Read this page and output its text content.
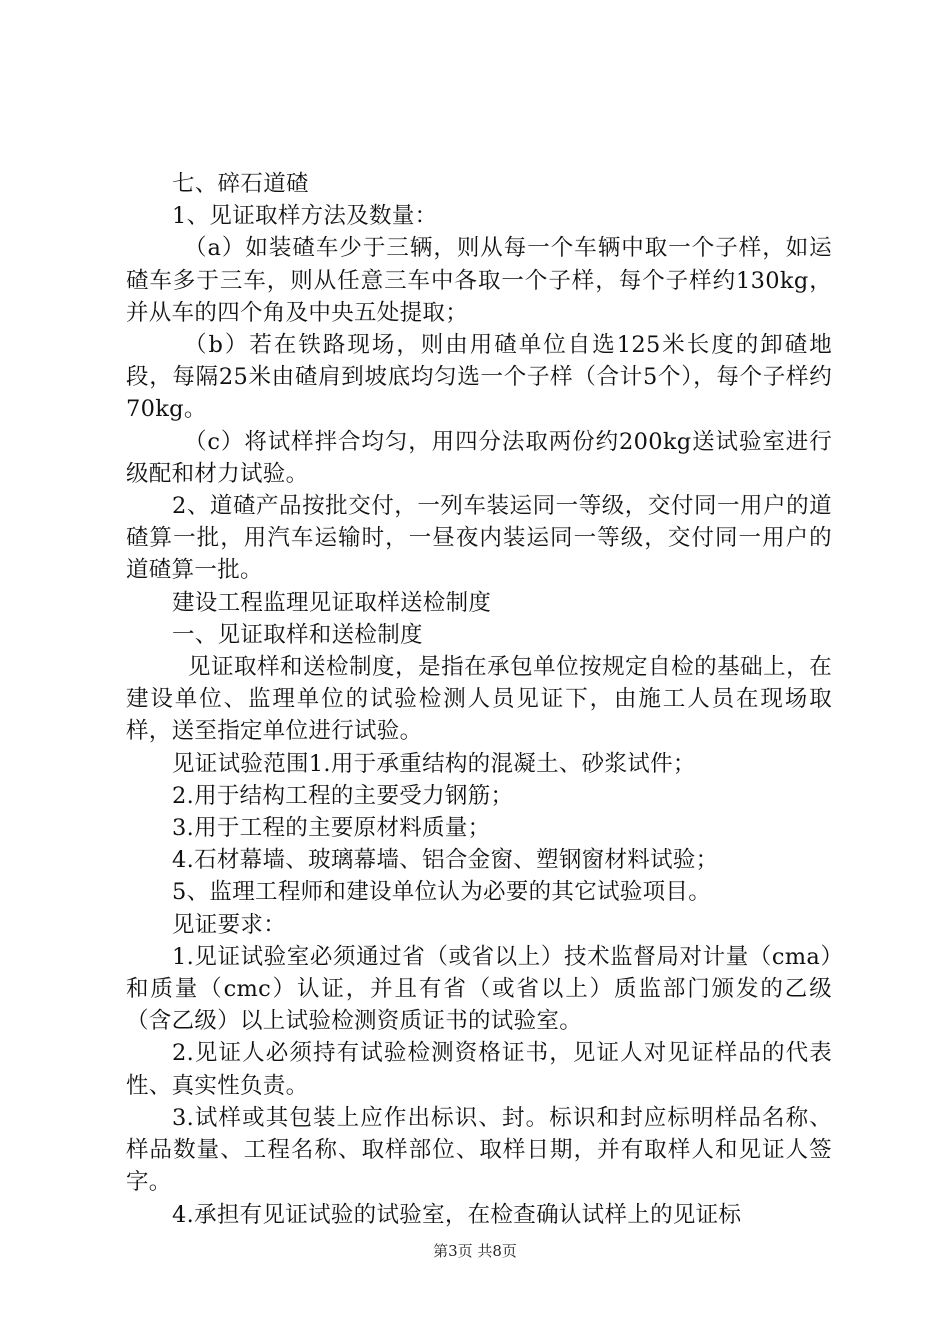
七、碎石道碴

1、见证取样方法及数量：

（a）如装碴车少于三辆，则从每一个车辆中取一个子样，如运碴车多于三车，则从任意三车中各取一个子样，每个子样约130kg，并从车的四个角及中央五处提取；

（b）若在铁路现场，则由用碴单位自选125米长度的卸碴地段，每隔25米由碴肩到坡底均匀选一个子样（合计5个），每个子样约70kg。

（c）将试样拌合均匀，用四分法取两份约200kg送试验室进行级配和材力试验。

2、道碴产品按批交付，一列车装运同一等级，交付同一用户的道碴算一批，用汽车运输时，一昼夜内装运同一等级，交付同一用户的道碴算一批。

建设工程监理见证取样送检制度

一、见证取样和送检制度

见证取样和送检制度，是指在承包单位按规定自检的基础上，在建设单位、监理单位的试验检测人员见证下，由施工人员在现场取样，送至指定单位进行试验。

见证试验范围1.用于承重结构的混凝土、砂浆试件；

2.用于结构工程的主要受力钢筋；

3.用于工程的主要原材料质量；

4.石材幕墙、玻璃幕墙、铝合金窗、塑钢窗材料试验；

5、监理工程师和建设单位认为必要的其它试验项目。

见证要求：

1.见证试验室必须通过省（或省以上）技术监督局对计量（cma）和质量（cmc）认证，并且有省（或省以上）质监部门颁发的乙级（含乙级）以上试验检测资质证书的试验室。

2.见证人必须持有试验检测资格证书，见证人对见证样品的代表性、真实性负责。

3.试样或其包装上应作出标识、封。标识和封应标明样品名称、样品数量、工程名称、取样部位、取样日期，并有取样人和见证人签字。

4.承担有见证试验的试验室，在检查确认试样上的见证标

第3页 共8页
